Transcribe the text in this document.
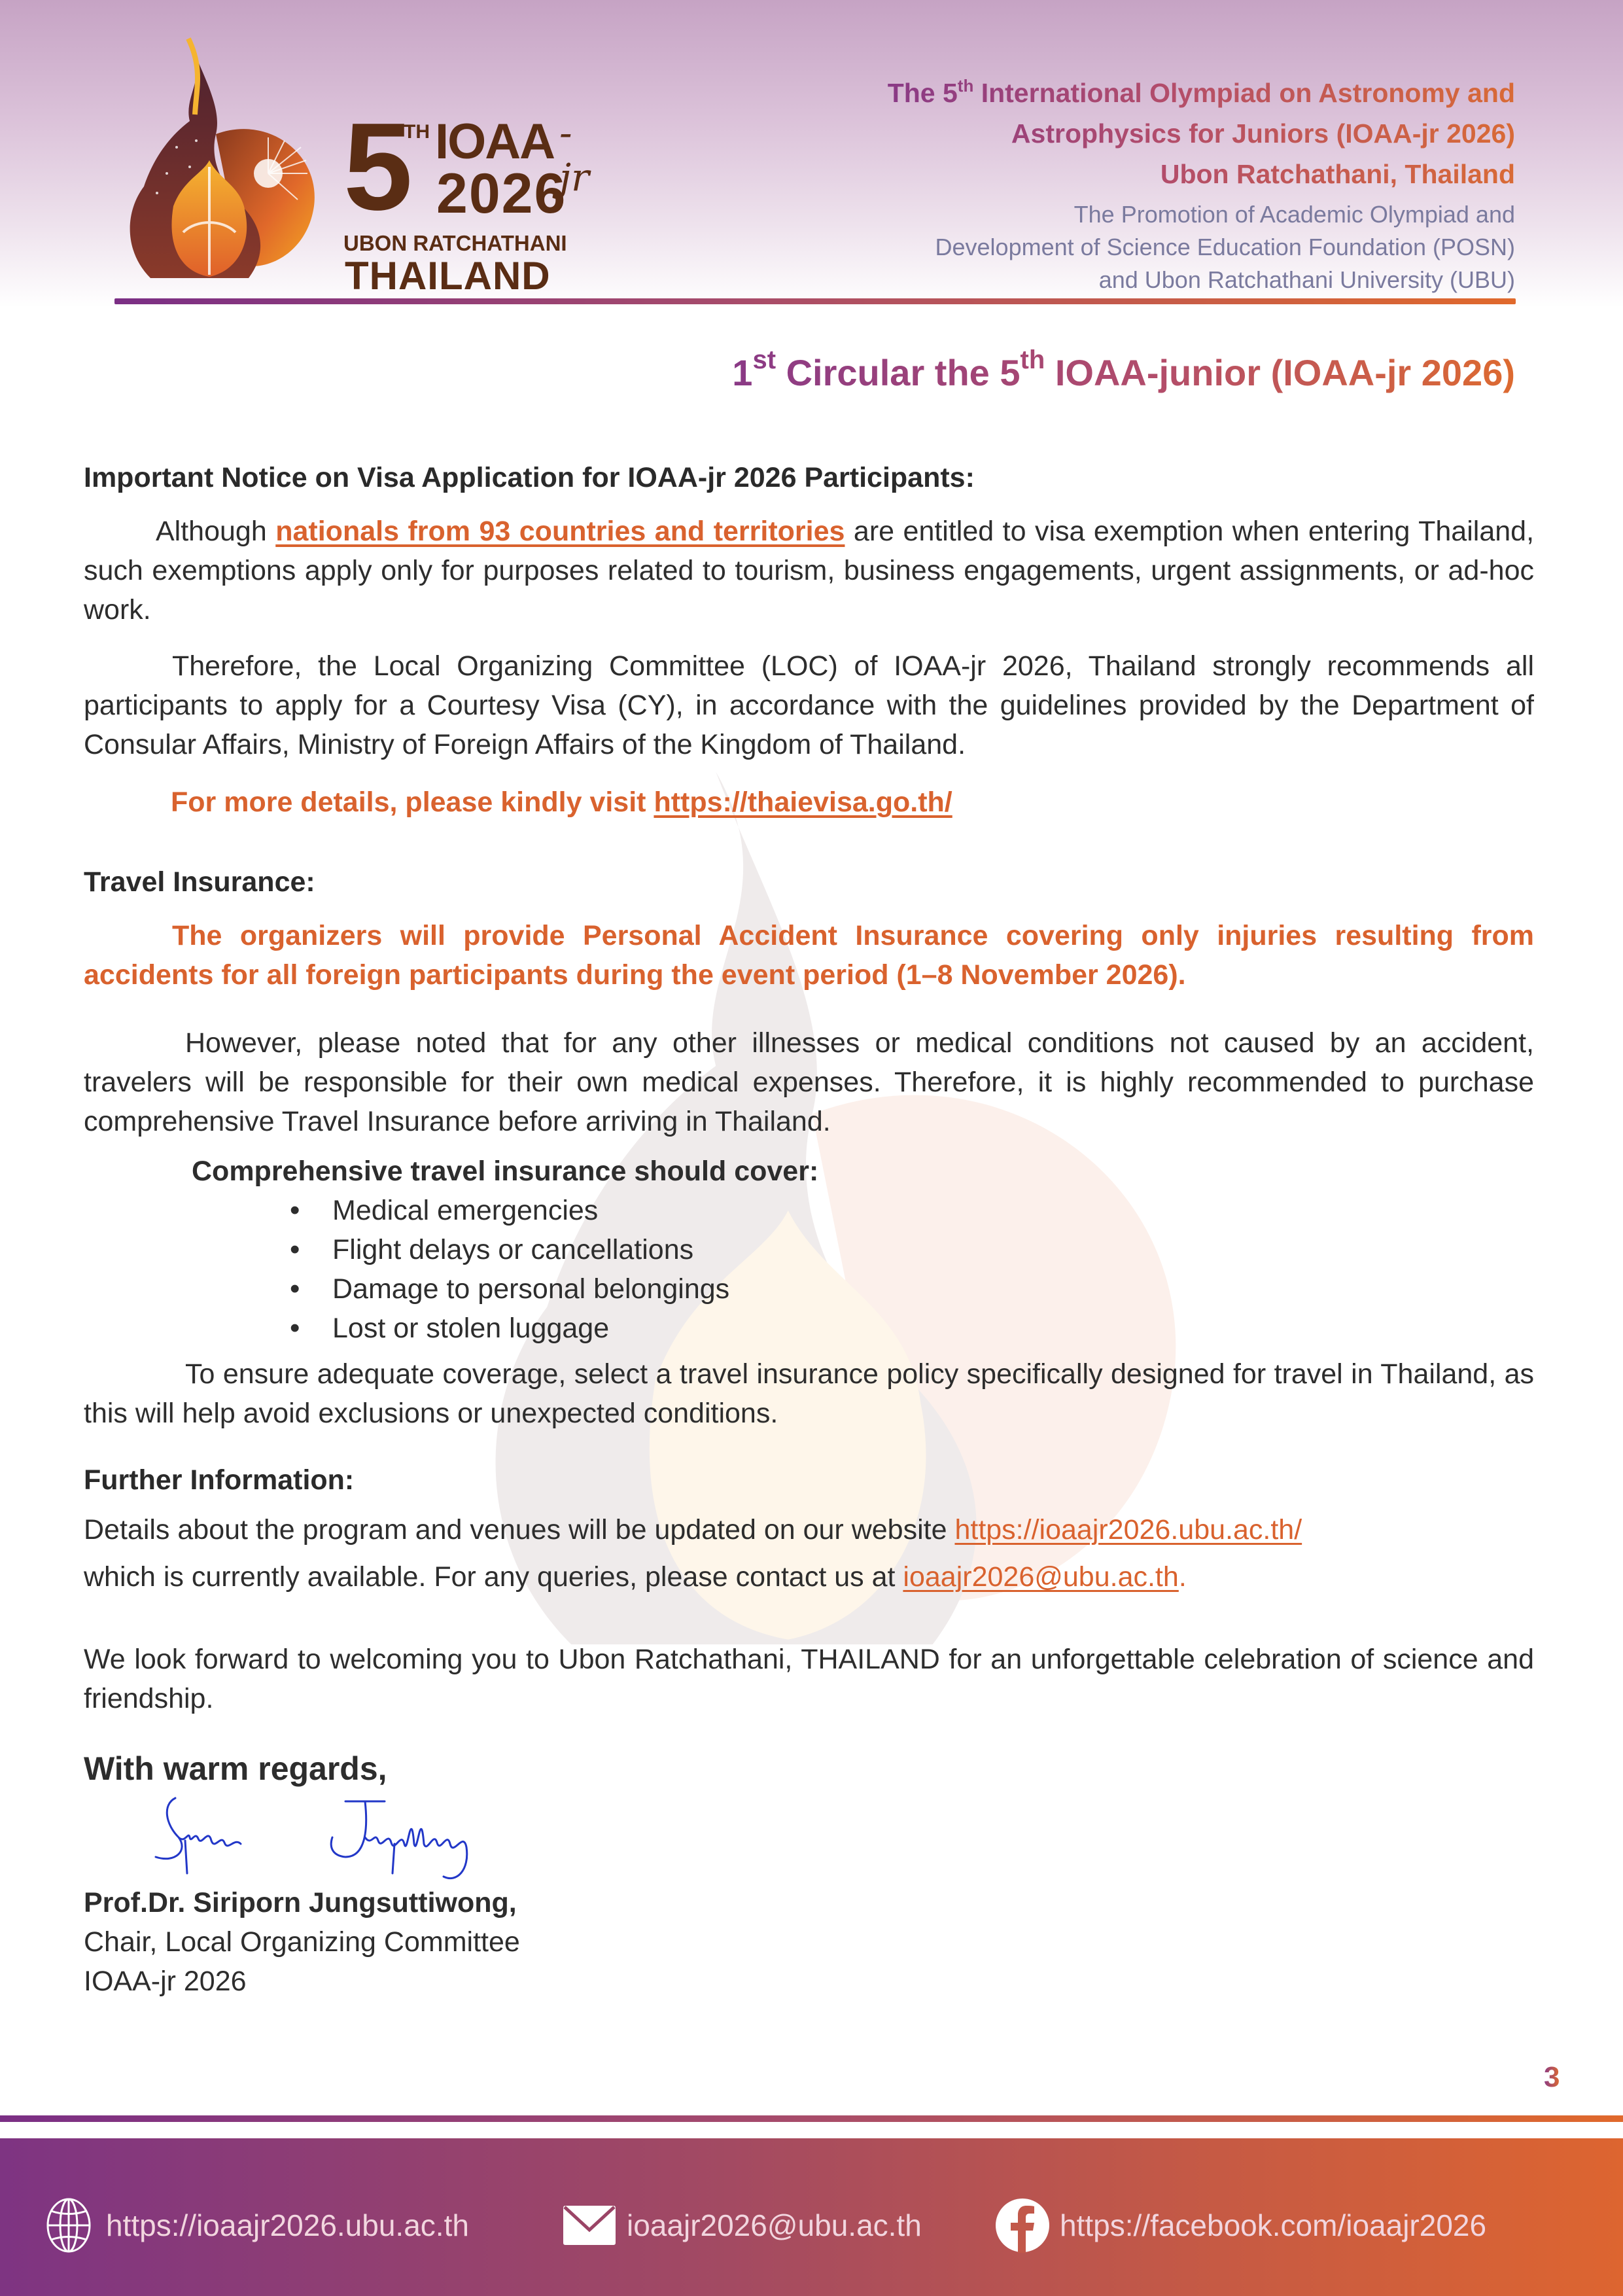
5
TH IOAA -jr
2026
UBON RATCHATHANI
THAILAND
The 5th International Olympiad on Astronomy and
Astrophysics for Juniors (IOAA-jr 2026)
Ubon Ratchathani, Thailand
The Promotion of Academic Olympiad and
Development of Science Education Foundation (POSN)
and Ubon Ratchathani University (UBU)
1st Circular the 5th IOAA-junior (IOAA-jr 2026)

Important Notice on Visa Application for IOAA-jr 2026 Participants:

Although nationals from 93 countries and territories are entitled to visa exemption when entering Thailand, such exemptions apply only for purposes related to tourism, business engagements, urgent assignments, or ad-hoc work.

Therefore, the Local Organizing Committee (LOC) of IOAA-jr 2026, Thailand strongly recommends all participants to apply for a Courtesy Visa (CY), in accordance with the guidelines provided by the Department of Consular Affairs, Ministry of Foreign Affairs of the Kingdom of Thailand.

For more details, please kindly visit https://thaievisa.go.th/

Travel Insurance:

The organizers will provide Personal Accident Insurance covering only injuries resulting from accidents for all foreign participants during the event period (1–8 November 2026).

However, please noted that for any other illnesses or medical conditions not caused by an accident, travelers will be responsible for their own medical expenses. Therefore, it is highly recommended to purchase comprehensive Travel Insurance before arriving in Thailand.

Comprehensive travel insurance should cover:

• Medical emergencies
• Flight delays or cancellations
• Damage to personal belongings
• Lost or stolen luggage

To ensure adequate coverage, select a travel insurance policy specifically designed for travel in Thailand, as this will help avoid exclusions or unexpected conditions.

Further Information:

Details about the program and venues will be updated on our website https://ioaajr2026.ubu.ac.th/
which is currently available. For any queries, please contact us at ioaajr2026@ubu.ac.th.

We look forward to welcoming you to Ubon Ratchathani, THAILAND for an unforgettable celebration of science and friendship.

With warm regards,

Prof.Dr. Siriporn Jungsuttiwong,

Chair, Local Organizing Committee

IOAA-jr 2026

3
https://ioaajr2026.ubu.ac.th	ioaajr2026@ubu.ac.th	https://facebook.com/ioaajr2026
